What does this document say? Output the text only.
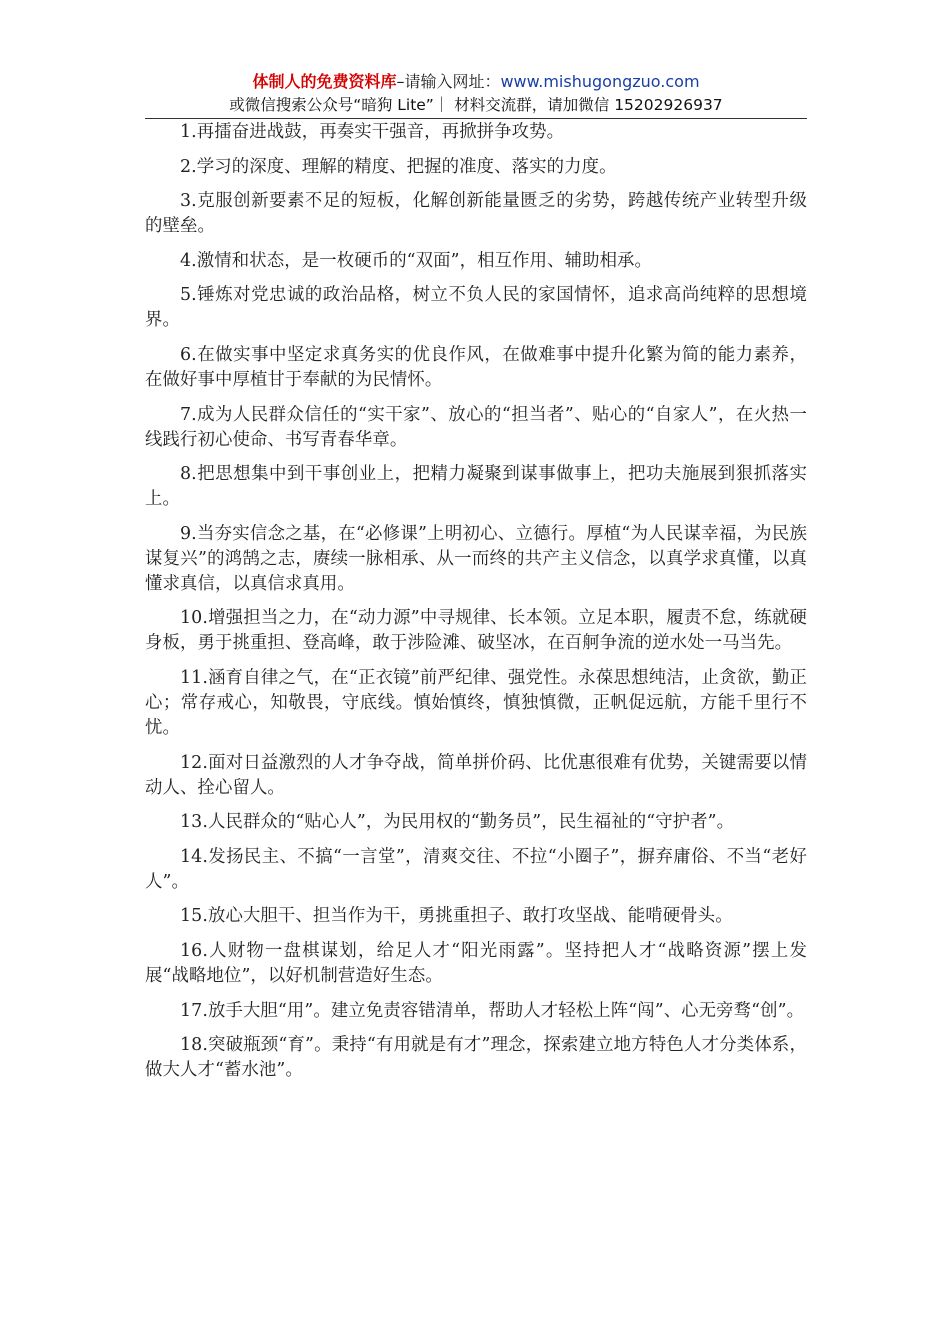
体制人的免费资料库–请输入网址：www.mishugongzuo.com
或微信搜索公众号“暗狗 Lite”｜ 材料交流群，请加微信 15202926937

1.再擂奋进战鼓，再奏实干强音，再掀拼争攻势。

2.学习的深度、理解的精度、把握的准度、落实的力度。

3.克服创新要素不足的短板，化解创新能量匮乏的劣势，跨越传统产业转型升级的壁垒。

4.激情和状态，是一枚硬币的“双面”，相互作用、辅助相承。

5.锤炼对党忠诚的政治品格，树立不负人民的家国情怀，追求高尚纯粹的思想境界。

6.在做实事中坚定求真务实的优良作风，在做难事中提升化繁为简的能力素养，在做好事中厚植甘于奉献的为民情怀。

7.成为人民群众信任的“实干家”、放心的“担当者”、贴心的“自家人”，在火热一线践行初心使命、书写青春华章。

8.把思想集中到干事创业上，把精力凝聚到谋事做事上，把功夫施展到狠抓落实上。

9.当夯实信念之基，在“必修课”上明初心、立德行。厚植“为人民谋幸福，为民族谋复兴”的鸿鹄之志，赓续一脉相承、从一而终的共产主义信念，以真学求真懂，以真懂求真信，以真信求真用。

10.增强担当之力，在“动力源”中寻规律、长本领。立足本职，履责不怠，练就硬身板，勇于挑重担、登高峰，敢于涉险滩、破坚冰，在百舸争流的逆水处一马当先。

11.涵育自律之气，在“正衣镜”前严纪律、强党性。永葆思想纯洁，止贪欲，勤正心；常存戒心，知敬畏，守底线。慎始慎终，慎独慎微，正帆促远航，方能千里行不忧。

12.面对日益激烈的人才争夺战，简单拼价码、比优惠很难有优势，关键需要以情动人、拴心留人。

13.人民群众的“贴心人”，为民用权的“勤务员”，民生福祉的“守护者”。

14.发扬民主、不搞“一言堂”，清爽交往、不拉“小圈子”，摒弃庸俗、不当“老好人”。

15.放心大胆干、担当作为干，勇挑重担子、敢打攻坚战、能啃硬骨头。

16.人财物一盘棋谋划，给足人才“阳光雨露”。坚持把人才“战略资源”摆上发展“战略地位”，以好机制营造好生态。

17.放手大胆“用”。建立免责容错清单，帮助人才轻松上阵“闯”、心无旁骛“创”。

18.突破瓶颈“育”。秉持“有用就是有才”理念，探索建立地方特色人才分类体系，做大人才“蓄水池”。
